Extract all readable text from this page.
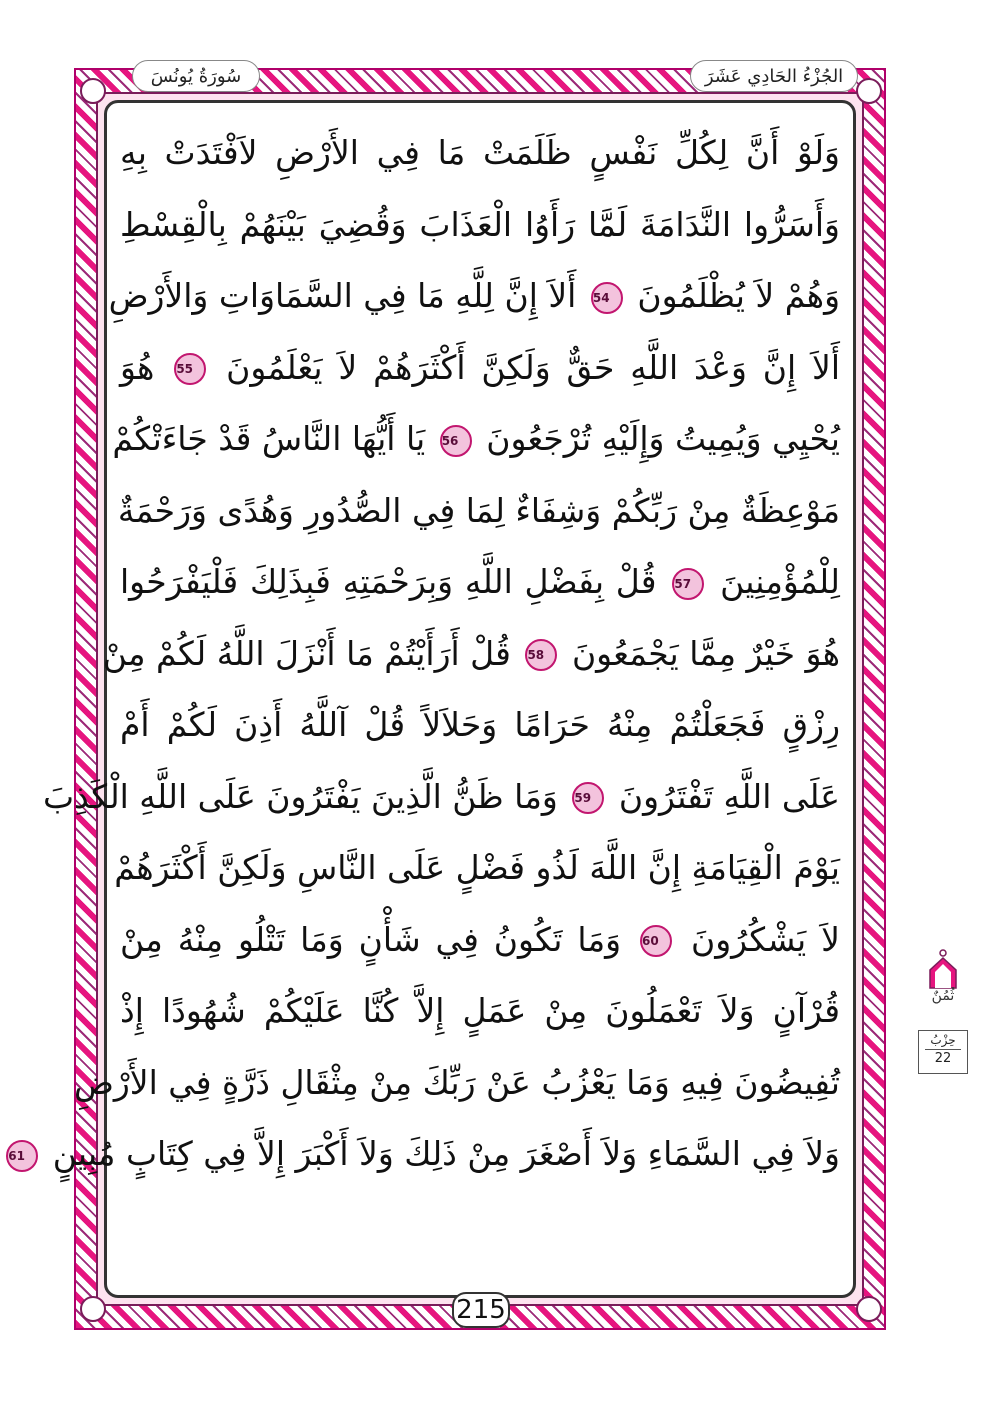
الجُزْءُ الحَادِي عَشَرَ
سُورَةُ يُونُسَ
وَلَوْ أَنَّ لِكُلِّ نَفْسٍ ظَلَمَتْ مَا فِي الأَرْضِ لاَفْتَدَتْ بِهِ
وَأَسَرُّوا النَّدَامَةَ لَمَّا رَأَوُا الْعَذَابَ وَقُضِيَ بَيْنَهُمْ بِالْقِسْطِ
وَهُمْ لاَ يُظْلَمُونَ 54 أَلاَ إِنَّ لِلَّهِ مَا فِي السَّمَاوَاتِ وَالأَرْضِ
أَلاَ إِنَّ وَعْدَ اللَّهِ حَقٌّ وَلَكِنَّ أَكْثَرَهُمْ لاَ يَعْلَمُونَ 55 هُوَ
يُحْيِي وَيُمِيتُ وَإِلَيْهِ تُرْجَعُونَ 56 يَا أَيُّهَا النَّاسُ قَدْ جَاءَتْكُمْ
مَوْعِظَةٌ مِنْ رَبِّكُمْ وَشِفَاءٌ لِمَا فِي الصُّدُورِ وَهُدًى وَرَحْمَةٌ
لِلْمُؤْمِنِينَ 57 قُلْ بِفَضْلِ اللَّهِ وَبِرَحْمَتِهِ فَبِذَلِكَ فَلْيَفْرَحُوا
هُوَ خَيْرٌ مِمَّا يَجْمَعُونَ 58 قُلْ أَرَأَيْتُمْ مَا أَنْزَلَ اللَّهُ لَكُمْ مِنْ
رِزْقٍ فَجَعَلْتُمْ مِنْهُ حَرَامًا وَحَلاَلاً قُلْ آللَّهُ أَذِنَ لَكُمْ أَمْ
عَلَى اللَّهِ تَفْتَرُونَ 59 وَمَا ظَنُّ الَّذِينَ يَفْتَرُونَ عَلَى اللَّهِ الْكَذِبَ
يَوْمَ الْقِيَامَةِ إِنَّ اللَّهَ لَذُو فَضْلٍ عَلَى النَّاسِ وَلَكِنَّ أَكْثَرَهُمْ
لاَ يَشْكُرُونَ 60 وَمَا تَكُونُ فِي شَأْنٍ وَمَا تَتْلُو مِنْهُ مِنْ
قُرْآنٍ وَلاَ تَعْمَلُونَ مِنْ عَمَلٍ إِلاَّ كُنَّا عَلَيْكُمْ شُهُودًا إِذْ
تُفِيضُونَ فِيهِ وَمَا يَعْزُبُ عَنْ رَبِّكَ مِنْ مِثْقَالِ ذَرَّةٍ فِي الأَرْضِ
وَلاَ فِي السَّمَاءِ وَلاَ أَصْغَرَ مِنْ ذَلِكَ وَلاَ أَكْبَرَ إِلاَّ فِي كِتَابٍ مُبِينٍ 61
215
ثُمُنٌ
حِزْبُ
22
